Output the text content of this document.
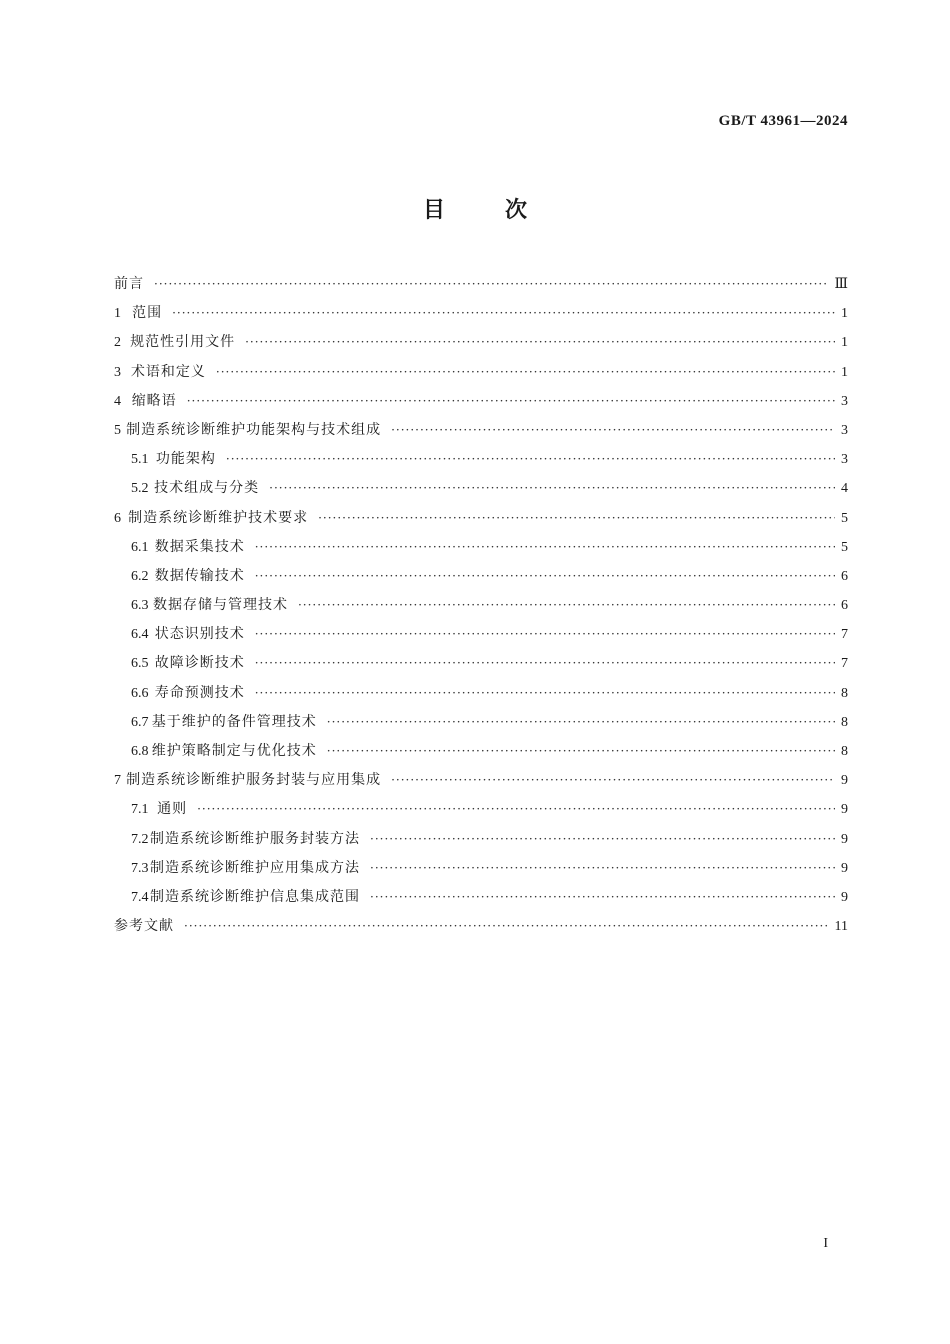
GB/T 43961—2024
目	次
前言 ·····	Ⅲ
1 范围 ·····	1
2 规范性引用文件 ·····	1
3 术语和定义 ·····	1
4 缩略语 ·····	3
5 制造系统诊断维护功能架构与技术组成 ·····	3
5.1 功能架构 ·····	3
5.2 技术组成与分类 ·····	4
6 制造系统诊断维护技术要求 ·····	5
6.1 数据采集技术 ·····	5
6.2 数据传输技术 ·····	6
6.3 数据存储与管理技术 ·····	6
6.4 状态识别技术 ·····	7
6.5 故障诊断技术 ·····	7
6.6 寿命预测技术 ·····	8
6.7 基于维护的备件管理技术 ·····	8
6.8 维护策略制定与优化技术 ·····	8
7 制造系统诊断维护服务封装与应用集成 ·····	9
7.1 通则 ·····	9
7.2 制造系统诊断维护服务封装方法 ·····	9
7.3 制造系统诊断维护应用集成方法 ·····	9
7.4 制造系统诊断维护信息集成范围 ·····	9
参考文献 ·····	11
I
